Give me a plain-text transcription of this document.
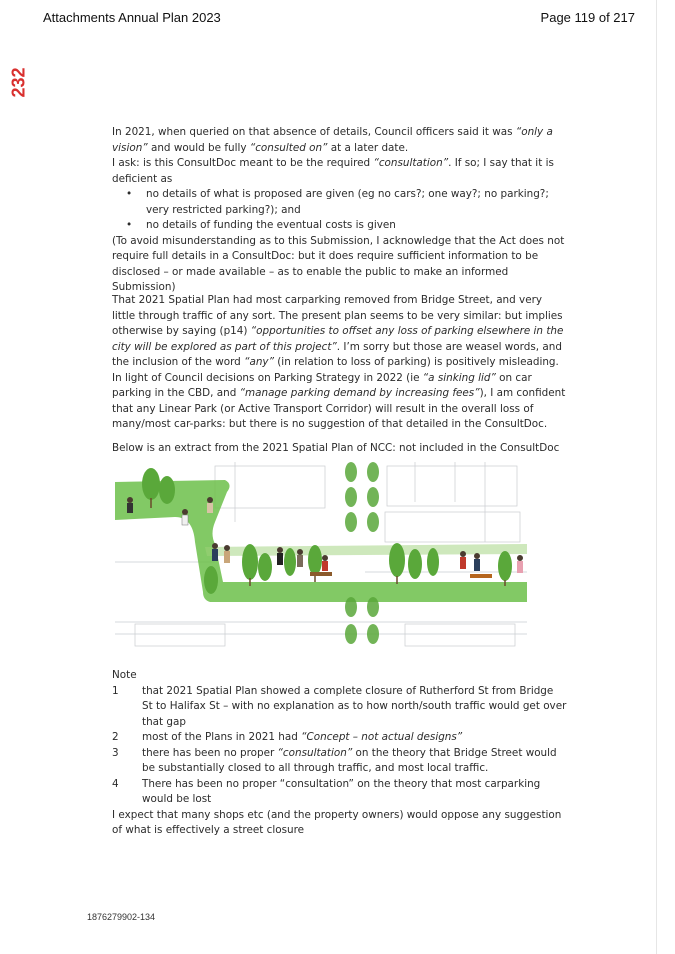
Attachments Annual Plan 2023	Page 119 of 217
232

In 2021, when queried on that absence of details, Council officers said it was “only a vision” and would be fully “consulted on” at a later date.

I ask: is this ConsultDoc meant to be the required “consultation”. If so; I say that it is deficient as

• no details of what is proposed are given (eg no cars?; one way?; no parking?; very restricted parking?); and

• no details of funding the eventual costs is given

(To avoid misunderstanding as to this Submission, I acknowledge that the Act does not require full details in a ConsultDoc: but it does require sufficient information to be disclosed – or made available – as to enable the public to make an informed Submission)

That 2021 Spatial Plan had most carparking removed from Bridge Street, and very little through traffic of any sort. The present plan seems to be very similar: but implies otherwise by saying (p14) “opportunities to offset any loss of parking elsewhere in the city will be explored as part of this project”. I’m sorry but those are weasel words, and the inclusion of the word “any” (in relation to loss of parking) is positively misleading. In light of Council decisions on Parking Strategy in 2022 (ie “a sinking lid” on car parking in the CBD, and “manage parking demand by increasing fees”), I am confident that any Linear Park (or Active Transport Corridor) will result in the overall loss of many/most car-parks: but there is no suggestion of that detailed in the ConsultDoc.

Below is an extract from the 2021 Spatial Plan of NCC: not included in the ConsultDoc

Note

1 that 2021 Spatial Plan showed a complete closure of Rutherford St from Bridge St to Halifax St – with no explanation as to how north/south traffic would get over that gap

2 most of the Plans in 2021 had “Concept – not actual designs”

3 there has been no proper “consultation” on the theory that Bridge Street would be substantially closed to all through traffic, and most local traffic.

4 There has been no proper “consultation” on the theory that most carparking would be lost

I expect that many shops etc (and the property owners) would oppose any suggestion of what is effectively a street closure

1876279902-134
